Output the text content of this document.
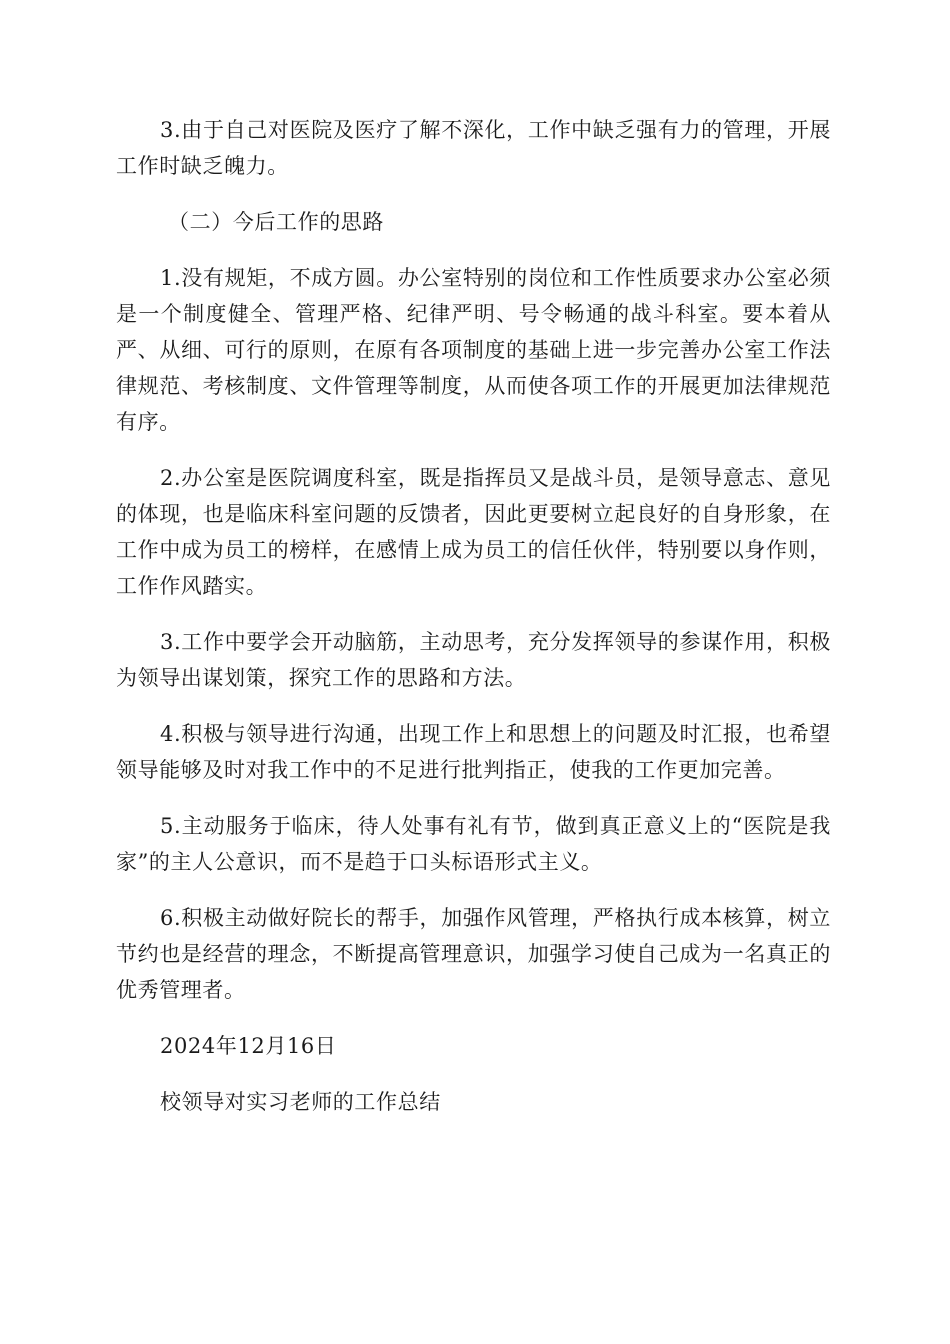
3.由于自己对医院及医疗了解不深化，工作中缺乏强有力的管理，开展工作时缺乏魄力。

（二）今后工作的思路

1.没有规矩，不成方圆。办公室特别的岗位和工作性质要求办公室必须是一个制度健全、管理严格、纪律严明、号令畅通的战斗科室。要本着从严、从细、可行的原则，在原有各项制度的基础上进一步完善办公室工作法律规范、考核制度、文件管理等制度，从而使各项工作的开展更加法律规范有序。

2.办公室是医院调度科室，既是指挥员又是战斗员，是领导意志、意见的体现，也是临床科室问题的反馈者，因此更要树立起良好的自身形象，在工作中成为员工的榜样，在感情上成为员工的信任伙伴，特别要以身作则，工作作风踏实。

3.工作中要学会开动脑筋，主动思考，充分发挥领导的参谋作用，积极为领导出谋划策，探究工作的思路和方法。

4.积极与领导进行沟通，出现工作上和思想上的问题及时汇报，也希望领导能够及时对我工作中的不足进行批判指正，使我的工作更加完善。

5.主动服务于临床，待人处事有礼有节，做到真正意义上的“医院是我家”的主人公意识，而不是趋于口头标语形式主义。

6.积极主动做好院长的帮手，加强作风管理，严格执行成本核算，树立节约也是经营的理念，不断提高管理意识，加强学习使自己成为一名真正的优秀管理者。

2024年12月16日

校领导对实习老师的工作总结
